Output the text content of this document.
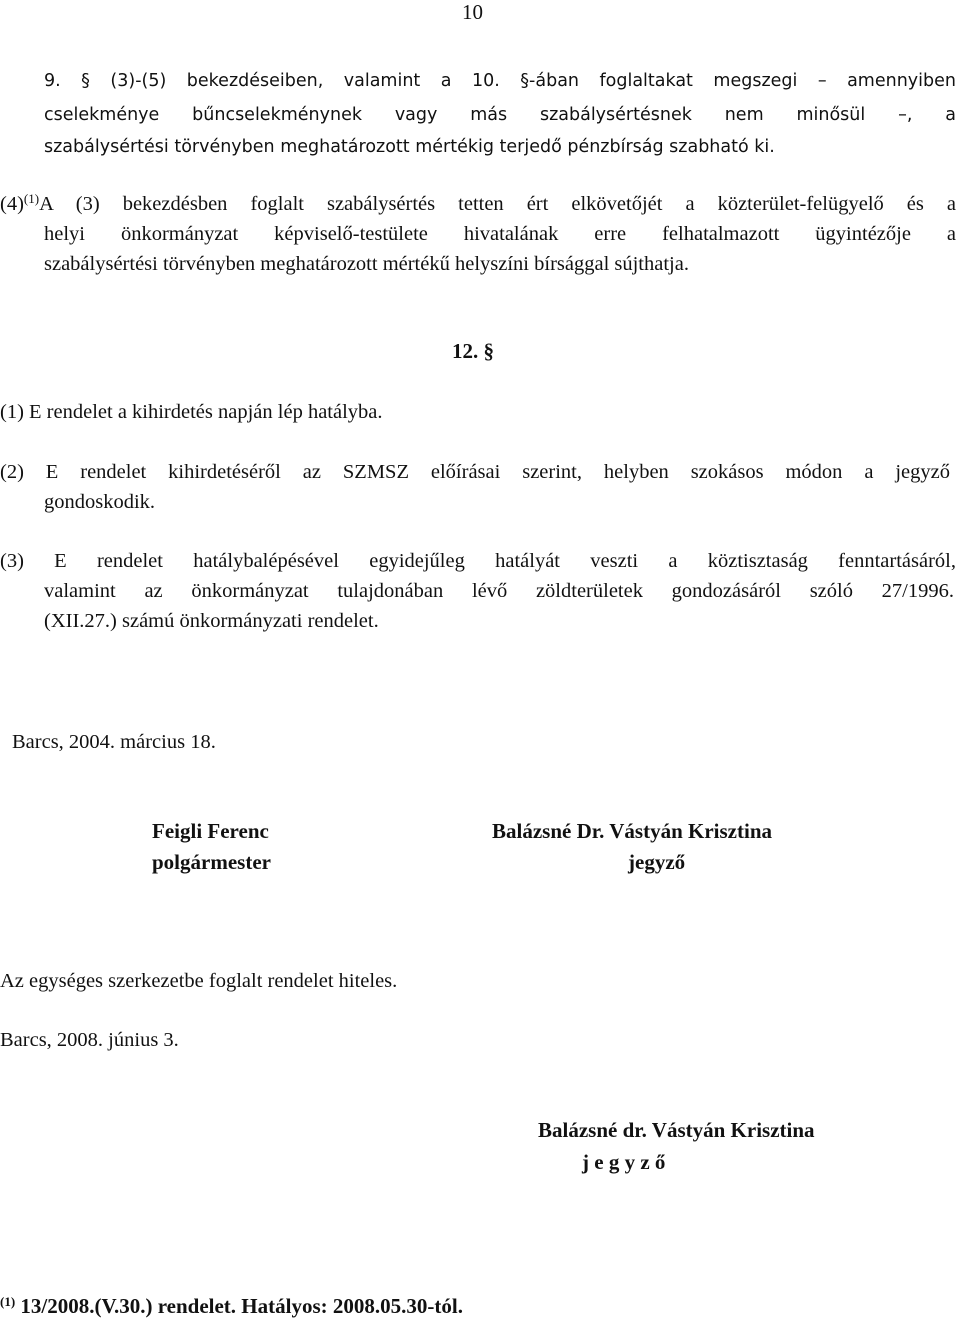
10
9. § (3)-(5) bekezdéseiben, valamint a 10. §-ában foglaltakat megszegi – amennyiben
cselekménye bűncselekménynek vagy más szabálysértésnek nem minősül –, a
szabálysértési törvényben meghatározott mértékig terjedő pénzbírság szabható ki.
$(4)^{(1)}A$ (3) bekezdésben foglalt szabálysértés tetten ért elkövetőjét a közterület-felügyelő és a
helyi önkormányzat képviselő-testülete hivatalának erre felhatalmazott ügyintézője a
szabálysértési törvényben meghatározott mértékű helyszíni bírsággal sújthatja.
12. §
(1) E rendelet a kihirdetés napján lép hatályba.
(2) E rendelet kihirdetéséről az SZMSZ előírásai szerint, helyben szokásos módon a jegyző
gondoskodik.
(3) E rendelet hatálybalépésével egyidejűleg hatályát veszti a köztisztaság fenntartásáról,
valamint az önkormányzat tulajdonában lévő zöldterületek gondozásáról szóló 27/1996.
(XII.27.) számú önkormányzati rendelet.
Barcs, 2004. március 18.
Feigli Ferenc
polgármester
Balázsné Dr. Vástyán Krisztina
jegyző
Az egységes szerkezetbe foglalt rendelet hiteles.
Barcs, 2008. június 3.
Balázsné dr. Vástyán Krisztina
j e g y z ő
$^{(1)}$ 13/2008.(V.30.) rendelet. Hatályos: 2008.05.30-tól.
